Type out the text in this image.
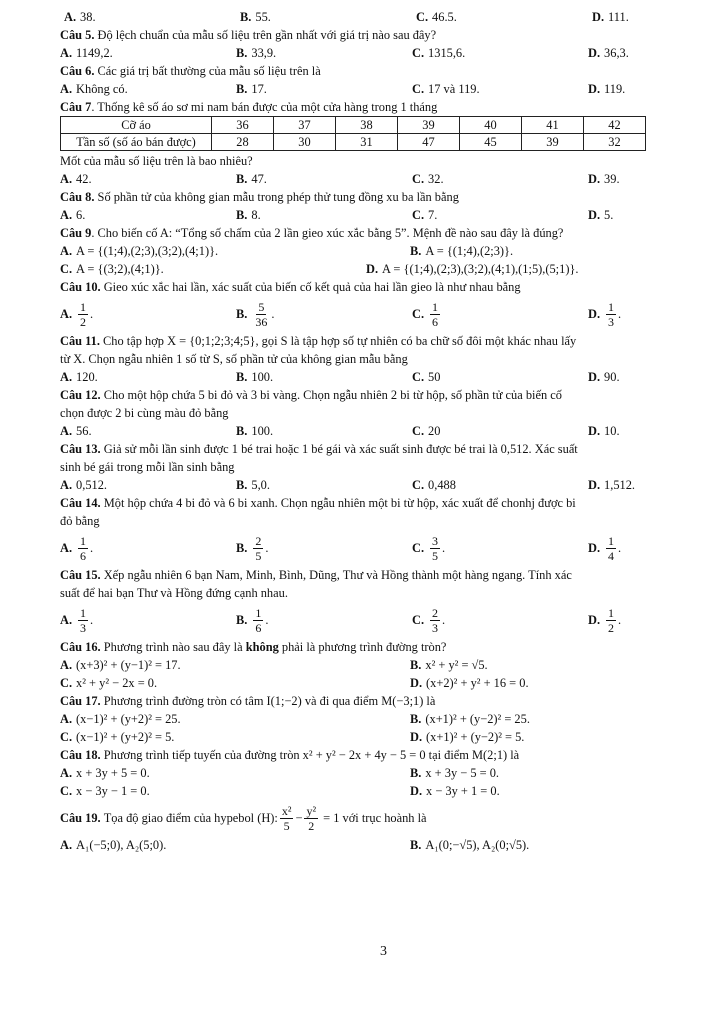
A. 38.	B. 55.	C. 46.5.	D. 111.
Câu 5. Độ lệch chuẩn của mẫu số liệu trên gần nhất với giá trị nào sau đây?
A. 1149,2.	B. 33,9.	C. 1315,6.	D. 36,3.
Câu 6. Các giá trị bất thường của mẫu số liệu trên là
A. Không có.	B. 17.	C. 17 và 119.	D. 119.
Câu 7. Thống kê số áo sơ mi nam bán được của một cửa hàng trong 1 tháng
Cỡ áo	36	37	38	39	40	41	42
Tần số (số áo bán được)	28	30	31	47	45	39	32
Mốt của mẫu số liệu trên là bao nhiêu?
A. 42.	B. 47.	C. 32.	D. 39.
Câu 8. Số phần tử của không gian mẫu trong phép thử tung đồng xu ba lần bằng
A. 6.	B. 8.	C. 7.	D. 5.
Câu 9. Cho biến cố A: “Tổng số chấm của 2 lần gieo xúc xắc bằng 5”. Mệnh đề nào sau đây là đúng?
A. A = {(1;4),(2;3),(3;2),(4;1)}.	B. A = {(1;4),(2;3)}.
C. A = {(3;2),(4;1)}.	D. A = {(1;4),(2;3),(3;2),(4;1),(1;5),(5;1)}.
Câu 10. Gieo xúc xắc hai lần, xác suất của biến cố kết quả của hai lần gieo là như nhau bằng
A. $\frac{1}{2}$ .	B. $\frac{5}{36}$ .	C. $\frac{1}{6}$	D. $\frac{1}{3}$ .
Câu 11. Cho tập hợp X = {0;1;2;3;4;5}, gọi S là tập hợp số tự nhiên có ba chữ số đôi một khác nhau lấy
từ X. Chọn ngẫu nhiên 1 số từ S, số phần tử của không gian mẫu bằng
A. 120.	B. 100.	C. 50	D. 90.
Câu 12. Cho một hộp chứa 5 bi đỏ và 3 bi vàng. Chọn ngẫu nhiên 2 bi từ hộp, số phần tử của biến cố
chọn được 2 bi cùng màu đỏ bằng
A. 56.	B. 100.	C. 20	D. 10.
Câu 13. Giả sử mỗi lần sinh được 1 bé trai hoặc 1 bé gái và xác suất sinh được bé trai là 0,512. Xác suất
sinh bé gái trong mỗi lần sinh bằng
A. 0,512.	B. 5,0.	C. 0,488	D. 1,512.
Câu 14. Một hộp chứa 4 bi đỏ và 6 bi xanh. Chọn ngẫu nhiên một bi từ hộp, xác xuất để chonhj được bi
đỏ bằng
A. $\frac{1}{6}$ .	B. $\frac{2}{5}$ .	C. $\frac{3}{5}$ .	D. $\frac{1}{4}$ .
Câu 15. Xếp ngẫu nhiên 6 bạn Nam, Minh, Bình, Dũng, Thư và Hồng thành một hàng ngang. Tính xác
suất để hai bạn Thư và Hồng đứng cạnh nhau.
A. $\frac{1}{3}$ .	B. $\frac{1}{6}$ .	C. $\frac{2}{3}$ .	D. $\frac{1}{2}$ .
Câu 16. Phương trình nào sau đây là không phải là phương trình đường tròn?
A. (x+3)² + (y−1)² = 17.	B. x² + y² = √5.
C. x² + y² − 2x = 0.	D. (x+2)² + y² + 16 = 0.
Câu 17. Phương trình đường tròn có tâm I(1;−2) và đi qua điểm M(−3;1) là
A. (x−1)² + (y+2)² = 25.	B. (x+1)² + (y−2)² = 25.
C. (x−1)² + (y+2)² = 5.	D. (x+1)² + (y−2)² = 5.
Câu 18. Phương trình tiếp tuyến của đường tròn x² + y² − 2x + 4y − 5 = 0 tại điểm M(2;1) là
A. x + 3y + 5 = 0.	B. x + 3y − 5 = 0.
C. x − 3y − 1 = 0.	D. x − 3y + 1 = 0.
Câu 19.
Tọa độ giao điểm của hypebol (H): $\frac{\text{x²}}{5} - \frac{\text{y²}}{2}$
= 1 với trục hoành là
A. A₁(−5;0), A₂(5;0).	B. A₁(0;−√5), A₂(0;√5).
3
